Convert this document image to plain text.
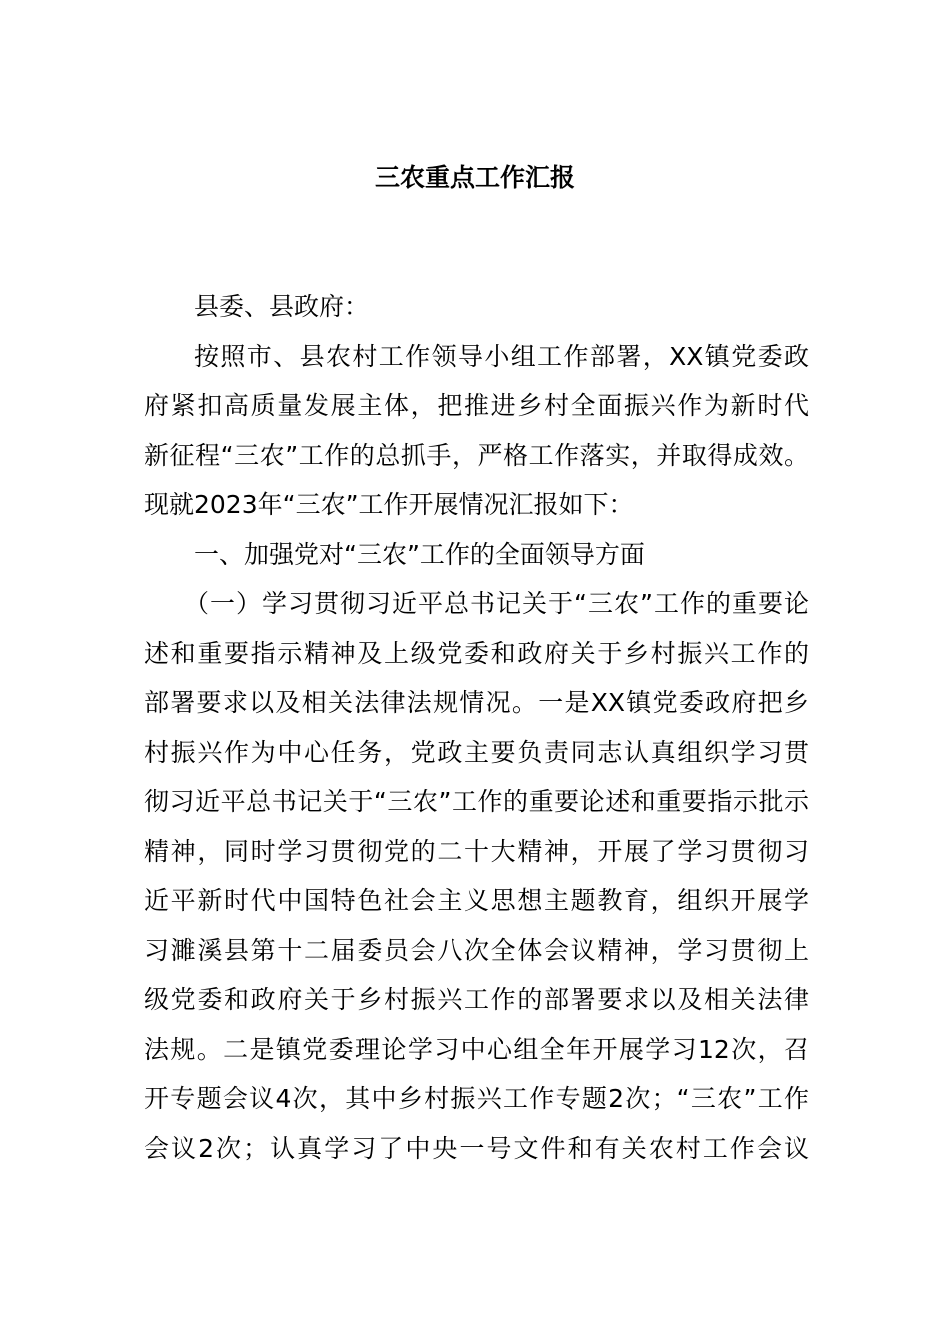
三农重点工作汇报
县委、县政府：
按照市、县农村工作领导小组工作部署，XX镇党委政
府紧扣高质量发展主体，把推进乡村全面振兴作为新时代
新征程“三农”工作的总抓手，严格工作落实，并取得成效。
现就2023年“三农”工作开展情况汇报如下：
一、加强党对“三农”工作的全面领导方面
（一）学习贯彻习近平总书记关于“三农”工作的重要论
述和重要指示精神及上级党委和政府关于乡村振兴工作的
部署要求以及相关法律法规情况。一是XX镇党委政府把乡
村振兴作为中心任务，党政主要负责同志认真组织学习贯
彻习近平总书记关于“三农”工作的重要论述和重要指示批示
精神，同时学习贯彻党的二十大精神，开展了学习贯彻习
近平新时代中国特色社会主义思想主题教育，组织开展学
习濉溪县第十二届委员会八次全体会议精神，学习贯彻上
级党委和政府关于乡村振兴工作的部署要求以及相关法律
法规。二是镇党委理论学习中心组全年开展学习12次，召
开专题会议4次，其中乡村振兴工作专题2次；“三农”工作
会议2次；认真学习了中央一号文件和有关农村工作会议
